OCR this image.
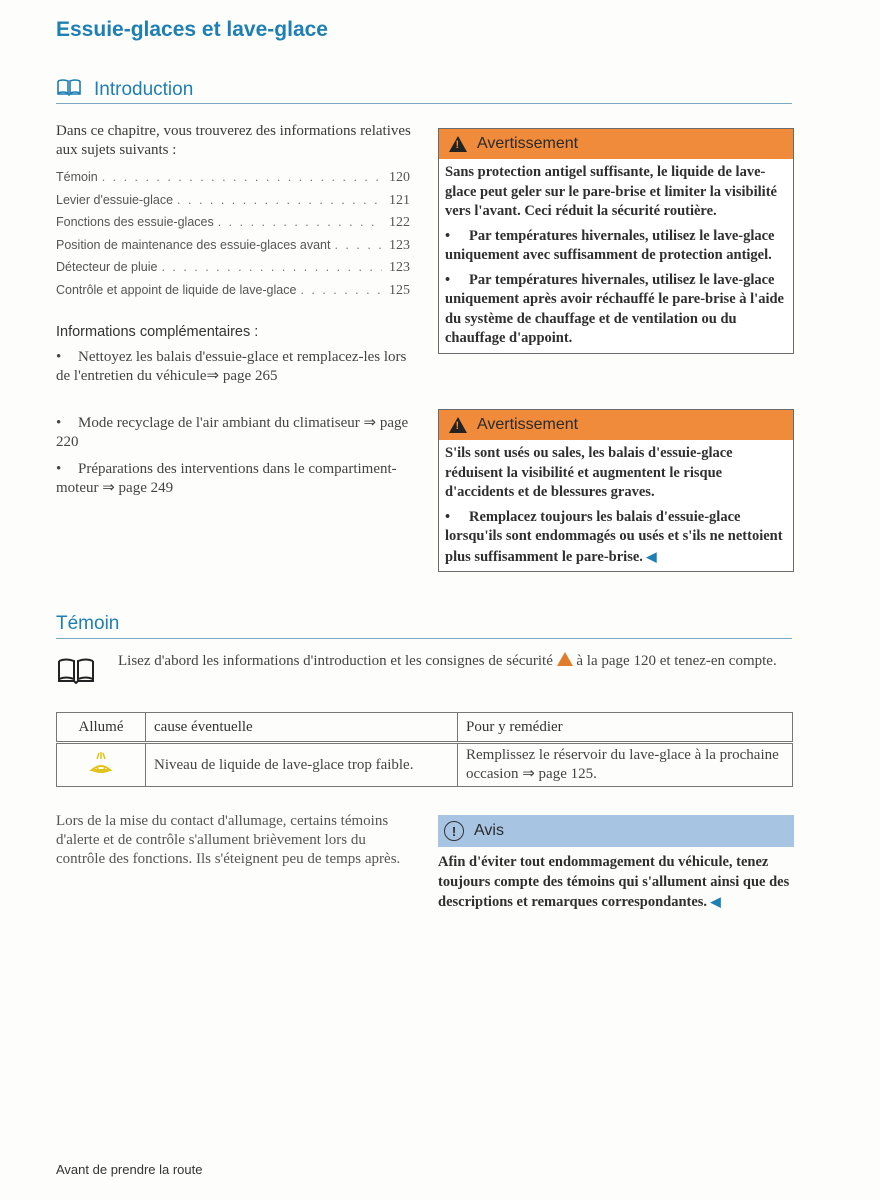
Essuie-glaces et lave-glace
Introduction
Dans ce chapitre, vous trouverez des informations relatives aux sujets suivants :
Témoin . . .	120
Levier d'essuie-glace . . .	121
Fonctions des essuie-glaces . . .	122
Position de maintenance des essuie-glaces avant . . .	123
Détecteur de pluie . . .	123
Contrôle et appoint de liquide de lave-glace . . .	125
Informations complémentaires :
• Nettoyez les balais d'essuie-glace et remplacez-les lors de l'entretien du véhicule⇒ page 265
• Mode recyclage de l'air ambiant du climatiseur ⇒ page 220
• Préparations des interventions dans le compartiment-moteur ⇒ page 249
!
Avertissement

Sans protection antigel suffisante, le liquide de lave-glace peut geler sur le pare-brise et limiter la visibilité vers l'avant. Ceci réduit la sécurité routière.

• Par températures hivernales, utilisez le lave-glace uniquement avec suffisamment de protection antigel.

• Par températures hivernales, utilisez le lave-glace uniquement après avoir réchauffé le pare-brise à l'aide du système de chauffage et de ventilation ou du chauffage d'appoint.

!
Avertissement

S'ils sont usés ou sales, les balais d'essuie-glace réduisent la visibilité et augmentent le risque d'accidents et de blessures graves.

• Remplacez toujours les balais d'essuie-glace lorsqu'ils sont endommagés ou usés et s'ils ne nettoient plus suffisamment le pare-brise. ◀

Témoin
Lisez d'abord les informations d'introduction et les consignes de sécurité à la page 120 et tenez-en compte.
Allumé	cause éventuelle	Pour y remédier
	Niveau de liquide de lave-glace trop faible.	Remplissez le réservoir du lave-glace à la prochaine occasion ⇒ page 125.
Lors de la mise du contact d'allumage, certains témoins d'alerte et de contrôle s'allument brièvement lors du contrôle des fonctions. Ils s'éteignent peu de temps après.
!	Avis
Afin d'éviter tout endommagement du véhicule, tenez toujours compte des témoins qui s'allument ainsi que des descriptions et remarques correspondantes. ◀
Avant de prendre la route
